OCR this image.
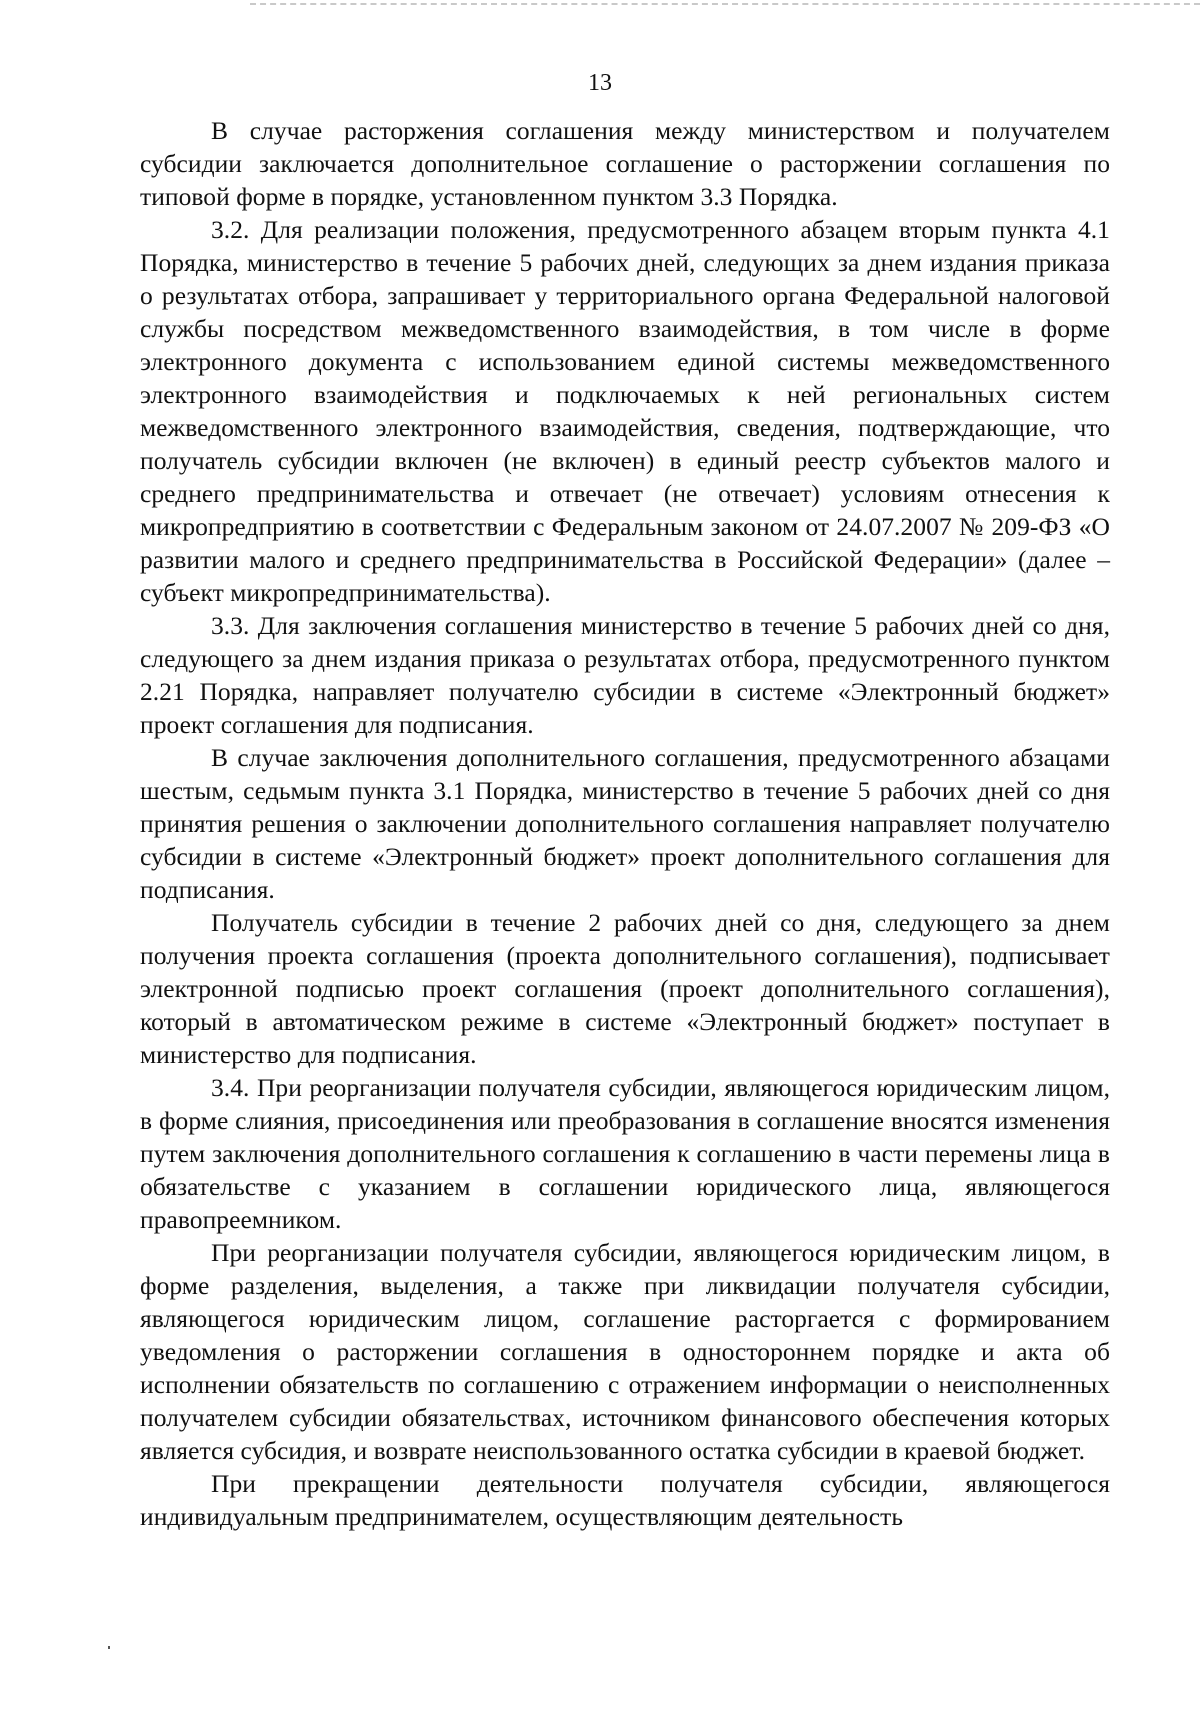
13

В случае расторжения соглашения между министерством и получателем субсидии заключается дополнительное соглашение о расторжении соглашения по типовой форме в порядке, установленном пунктом 3.3 Порядка.

3.2. Для реализации положения, предусмотренного абзацем вторым пункта 4.1 Порядка, министерство в течение 5 рабочих дней, следующих за днем издания приказа о результатах отбора, запрашивает у территориального органа Федеральной налоговой службы посредством межведомственного взаимодействия, в том числе в форме электронного документа с использованием единой системы межведомственного электронного взаимодействия и подключаемых к ней региональных систем межведомственного электронного взаимодействия, сведения, подтверждающие, что получатель субсидии включен (не включен) в единый реестр субъектов малого и среднего предпринимательства и отвечает (не отвечает) условиям отнесения к микропредприятию в соответствии с Федеральным законом от 24.07.2007 № 209-ФЗ «О развитии малого и среднего предпринимательства в Российской Федерации» (далее – субъект микропредпринимательства).

3.3. Для заключения соглашения министерство в течение 5 рабочих дней со дня, следующего за днем издания приказа о результатах отбора, предусмотренного пунктом 2.21 Порядка, направляет получателю субсидии в системе «Электронный бюджет» проект соглашения для подписания.

В случае заключения дополнительного соглашения, предусмотренного абзацами шестым, седьмым пункта 3.1 Порядка, министерство в течение 5 рабочих дней со дня принятия решения о заключении дополнительного соглашения направляет получателю субсидии в системе «Электронный бюджет» проект дополнительного соглашения для подписания.

Получатель субсидии в течение 2 рабочих дней со дня, следующего за днем получения проекта соглашения (проекта дополнительного соглашения), подписывает электронной подписью проект соглашения (проект дополнительного соглашения), который в автоматическом режиме в системе «Электронный бюджет» поступает в министерство для подписания.

3.4. При реорганизации получателя субсидии, являющегося юридическим лицом, в форме слияния, присоединения или преобразования в соглашение вносятся изменения путем заключения дополнительного соглашения к соглашению в части перемены лица в обязательстве с указанием в соглашении юридического лица, являющегося правопреемником.

При реорганизации получателя субсидии, являющегося юридическим лицом, в форме разделения, выделения, а также при ликвидации получателя субсидии, являющегося юридическим лицом, соглашение расторгается с формированием уведомления о расторжении соглашения в одностороннем порядке и акта об исполнении обязательств по соглашению с отражением информации о неисполненных получателем субсидии обязательствах, источником финансового обеспечения которых является субсидия, и возврате неиспользованного остатка субсидии в краевой бюджет.

При прекращении деятельности получателя субсидии, являющегося индивидуальным предпринимателем, осуществляющим деятельность
